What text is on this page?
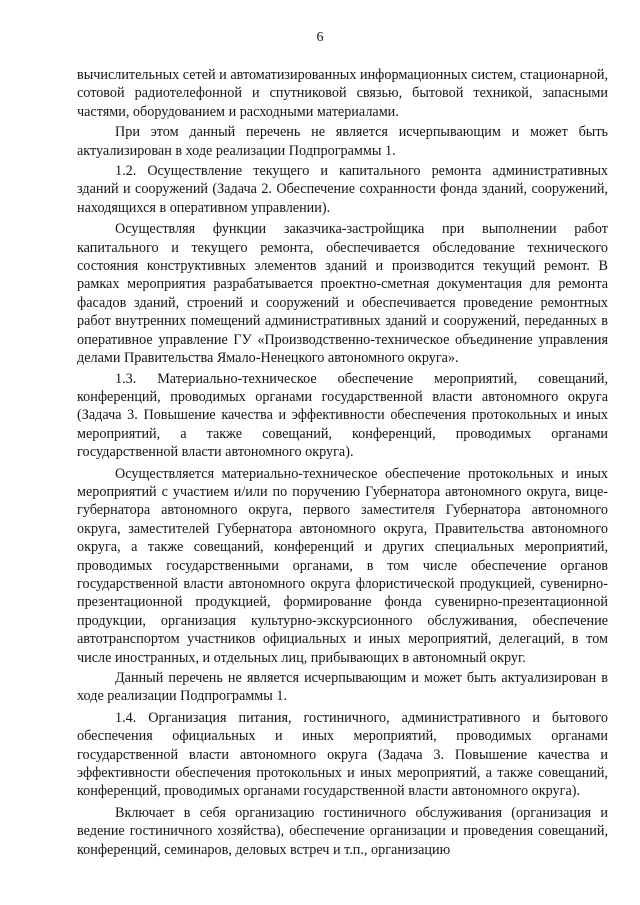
6

вычислительных сетей и автоматизированных информационных систем, стационарной, сотовой радиотелефонной и спутниковой связью, бытовой техникой, запасными частями, оборудованием и расходными материалами.

При этом данный перечень не является исчерпывающим и может быть актуализирован в ходе реализации Подпрограммы 1.

1.2. Осуществление текущего и капитального ремонта административных зданий и сооружений (Задача 2. Обеспечение сохранности фонда зданий, сооружений, находящихся в оперативном управлении).

Осуществляя функции заказчика-застройщика при выполнении работ капитального и текущего ремонта, обеспечивается обследование технического состояния конструктивных элементов зданий и производится текущий ремонт. В рамках мероприятия разрабатывается проектно-сметная документация для ремонта фасадов зданий, строений и сооружений и обеспечивается проведение ремонтных работ внутренних помещений административных зданий и сооружений, переданных в оперативное управление ГУ «Производственно-техническое объединение управления делами Правительства Ямало-Ненецкого автономного округа».

1.3. Материально-техническое обеспечение мероприятий, совещаний, конференций, проводимых органами государственной власти автономного округа (Задача 3. Повышение качества и эффективности обеспечения протокольных и иных мероприятий, а также совещаний, конференций, проводимых органами государственной власти автономного округа).

Осуществляется материально-техническое обеспечение протокольных и иных мероприятий с участием и/или по поручению Губернатора автономного округа, вице-губернатора автономного округа, первого заместителя Губернатора автономного округа, заместителей Губернатора автономного округа, Правительства автономного округа, а также совещаний, конференций и других специальных мероприятий, проводимых государственными органами, в том числе обеспечение органов государственной власти автономного округа флористической продукцией, сувенирно-презентационной продукцией, формирование фонда сувенирно-презентационной продукции, организация культурно-экскурсионного обслуживания, обеспечение автотранспортом участников официальных и иных мероприятий, делегаций, в том числе иностранных, и отдельных лиц, прибывающих в автономный округ.

Данный перечень не является исчерпывающим и может быть актуализирован в ходе реализации Подпрограммы 1.

1.4. Организация питания, гостиничного, административного и бытового обеспечения официальных и иных мероприятий, проводимых органами государственной власти автономного округа (Задача 3. Повышение качества и эффективности обеспечения протокольных и иных мероприятий, а также совещаний, конференций, проводимых органами государственной власти автономного округа).

Включает в себя организацию гостиничного обслуживания (организация и ведение гостиничного хозяйства), обеспечение организации и проведения совещаний, конференций, семинаров, деловых встреч и т.п., организацию
